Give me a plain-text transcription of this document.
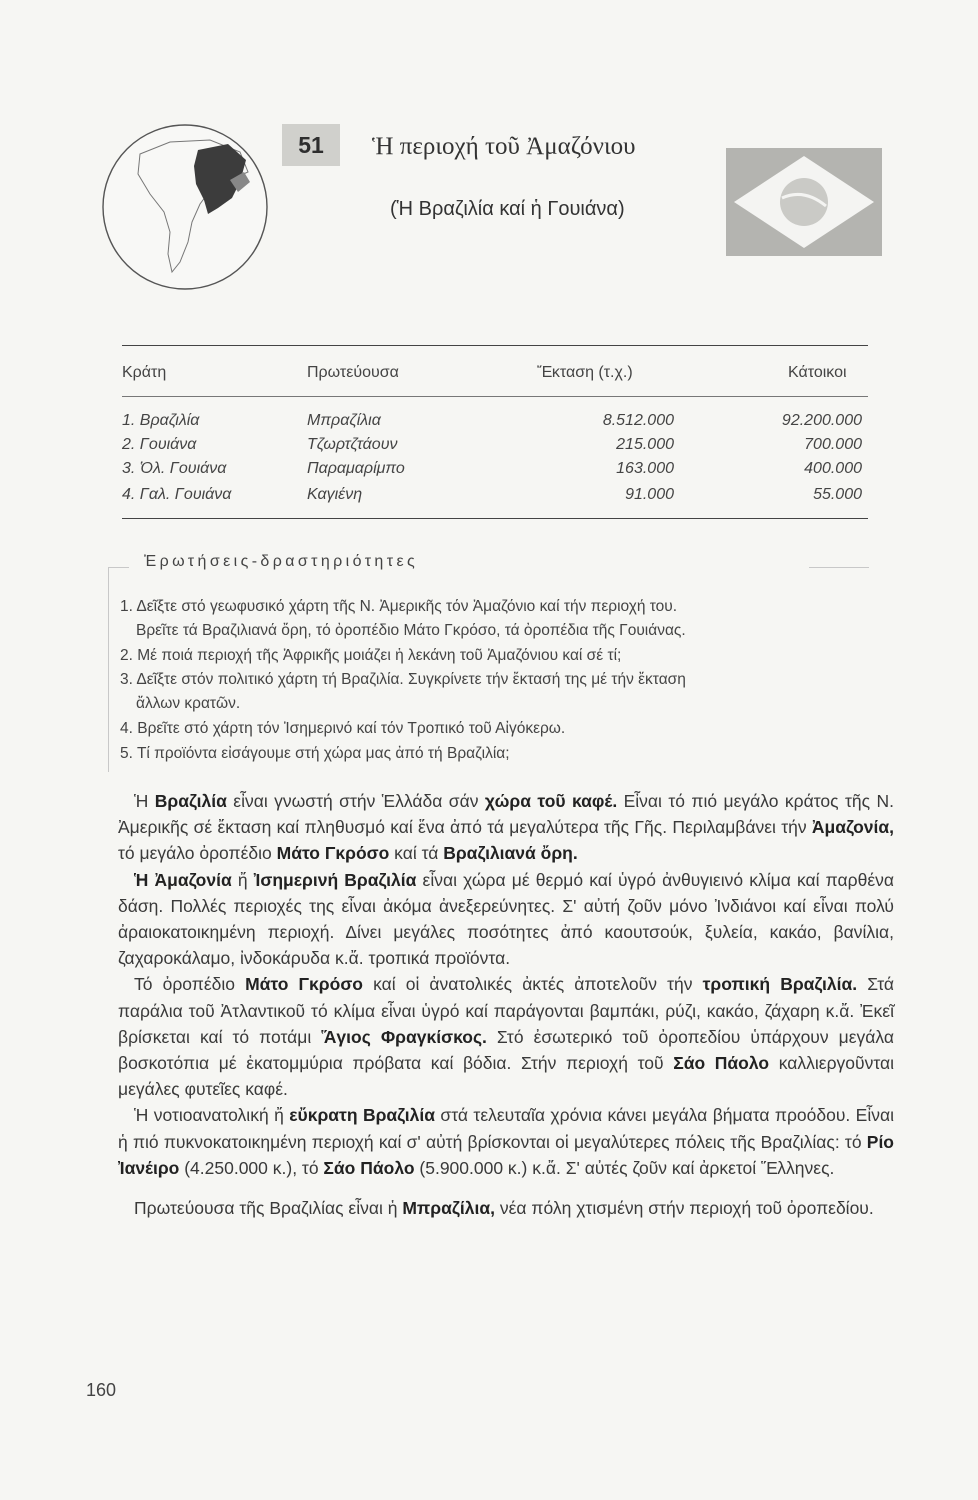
51	Ἡ περιοχή τοῦ Ἀμαζόνιου
(Ἡ Βραζιλία καί ἡ Γουιάνα)
Κράτη	Πρωτεύουσα	Ἔκταση (τ.χ.)	Κάτοικοι
1. Βραζιλία	Μπραζίλια	8.512.000	92.200.000
2. Γουιάνα	Τζωρτζτάουν	215.000	700.000
3. Ὁλ. Γουιάνα	Παραμαρίμπο	163.000	400.000
4. Γαλ. Γουιάνα	Καγιένη	91.000	55.000
Ἐρωτήσεις-δραστηριότητες
1. Δεῖξτε στό γεωφυσικό χάρτη τῆς Ν. Ἀμερικῆς τόν Ἀμαζόνιο καί τήν περιοχή του.
Βρεῖτε τά Βραζιλιανά ὄρη, τό ὀροπέδιο Μάτο Γκρόσο, τά ὀροπέδια τῆς Γουιάνας.
2. Μέ ποιά περιοχή τῆς Ἀφρικῆς μοιάζει ἡ λεκάνη τοῦ Ἀμαζόνιου καί σέ τί;
3. Δεῖξτε στόν πολιτικό χάρτη τή Βραζιλία. Συγκρίνετε τήν ἔκτασή της μέ τήν ἔκταση
ἄλλων κρατῶν.
4. Βρεῖτε στό χάρτη τόν Ἰσημερινό καί τόν Τροπικό τοῦ Αἰγόκερω.
5. Τί προϊόντα εἰσάγουμε στή χώρα μας ἀπό τή Βραζιλία;

Ἡ Βραζιλία εἶναι γνωστή στήν Ἑλλάδα σάν χώρα τοῦ καφέ. Εἶναι τό πιό μεγάλο κράτος τῆς Ν. Ἀμερικῆς σέ ἔκταση καί πληθυσμό καί ἕνα ἀπό τά μεγαλύτερα τῆς Γῆς. Περιλαμβάνει τήν Ἀμαζονία, τό μεγάλο ὀροπέδιο Μάτο Γκρόσο καί τά Βραζιλιανά ὄρη.

Ἡ Ἀμαζονία ἤ Ἰσημερινή Βραζιλία εἶναι χώρα μέ θερμό καί ὑγρό ἀνθυγιεινό κλίμα καί παρθένα δάση. Πολλές περιοχές της εἶναι ἀκόμα ἀνεξερεύνητες. Σ' αὐτή ζοῦν μόνο Ἰνδιάνοι καί εἶναι πολύ ἀραιοκατοικημένη περιοχή. Δίνει μεγάλες ποσότητες ἀπό καουτσούκ, ξυλεία, κακάο, βανίλια, ζαχαροκάλαμο, ἰνδοκάρυδα κ.ἄ. τροπικά προϊόντα.

Τό ὀροπέδιο Μάτο Γκρόσο καί οἱ ἀνατολικές ἀκτές ἀποτελοῦν τήν τροπική Βραζιλία. Στά παράλια τοῦ Ἀτλαντικοῦ τό κλίμα εἶναι ὑγρό καί παράγονται βαμπάκι, ρύζι, κακάο, ζάχαρη κ.ἄ. Ἐκεῖ βρίσκεται καί τό ποτάμι Ἅγιος Φραγκίσκος. Στό ἐσωτερικό τοῦ ὀροπεδίου ὑπάρχουν μεγάλα βοσκοτόπια μέ ἑκατομμύρια πρόβατα καί βόδια. Στήν περιοχή τοῦ Σάο Πάολο καλλιεργοῦνται μεγάλες φυτεῖες καφέ.

Ἡ νοτιοανατολική ἤ εὔκρατη Βραζιλία στά τελευταῖα χρόνια κάνει μεγάλα βήματα προόδου. Εἶναι ἡ πιό πυκνοκατοικημένη περιοχή καί σ' αὐτή βρίσκονται οἱ μεγαλύτερες πόλεις τῆς Βραζιλίας: τό Ρίο Ἰανέιρο (4.250.000 κ.), τό Σάο Πάολο (5.900.000 κ.) κ.ἄ. Σ' αὐτές ζοῦν καί ἀρκετοί Ἕλληνες.

Πρωτεύουσα τῆς Βραζιλίας εἶναι ἡ Μπραζίλια, νέα πόλη χτισμένη στήν περιοχή τοῦ ὀροπεδίου.

160
